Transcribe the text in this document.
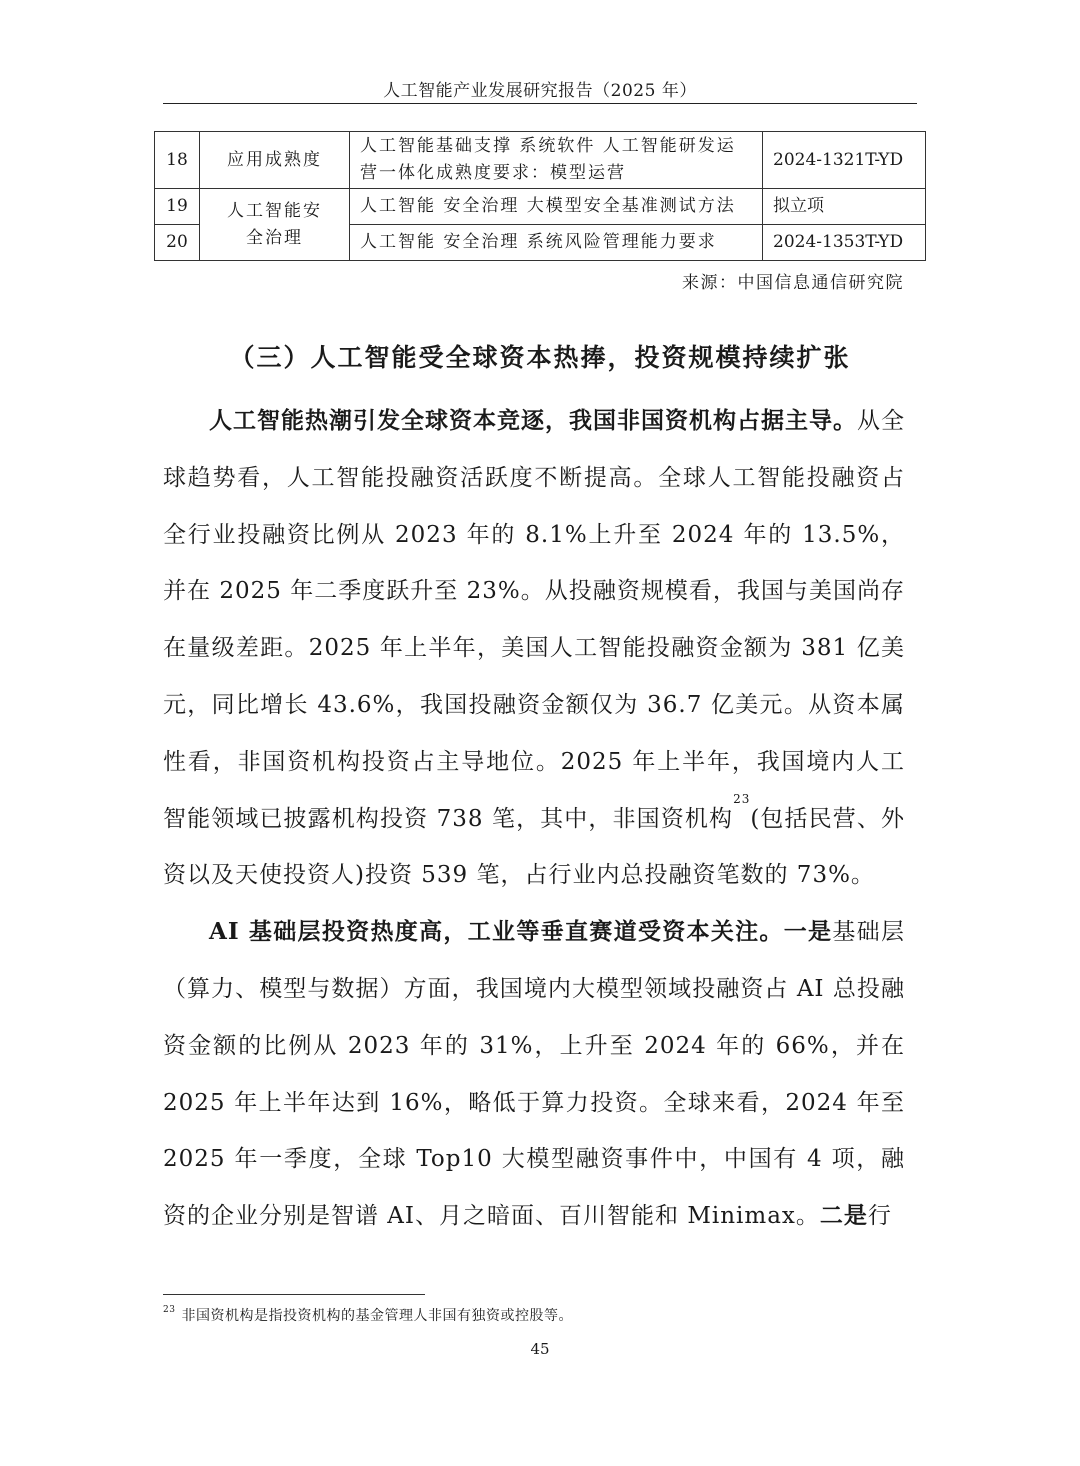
人工智能产业发展研究报告（2025 年）
18	应用成熟度	人工智能基础支撑 系统软件 人工智能研发运营一体化成熟度要求：模型运营	2024-1321T-YD
19	人工智能安全治理	人工智能 安全治理 大模型安全基准测试方法	拟立项
20		人工智能 安全治理 系统风险管理能力要求	2024-1353T-YD
来源：中国信息通信研究院
（三）人工智能受全球资本热捧，投资规模持续扩张

人工智能热潮引发全球资本竞逐，我国非国资机构占据主导。从全球趋势看，人工智能投融资活跃度不断提高。全球人工智能投融资占全行业投融资比例从 2023 年的 8.1%上升至 2024 年的 13.5%，并在 2025 年二季度跃升至 23%。从投融资规模看，我国与美国尚存在量级差距。2025 年上半年，美国人工智能投融资金额为 381 亿美元，同比增长 43.6%，我国投融资金额仅为 36.7 亿美元。从资本属性看，非国资机构投资占主导地位。2025 年上半年，我国境内人工智能领域已披露机构投资 738 笔，其中，非国资机构$^{23}$(包括民营、外资以及天使投资人)投资 539 笔，占行业内总投融资笔数的 73%。

AI 基础层投资热度高，工业等垂直赛道受资本关注。一是基础层（算力、模型与数据）方面，我国境内大模型领域投融资占 AI 总投融资金额的比例从 2023 年的 31%，上升至 2024 年的 66%，并在 2025 年上半年达到 16%，略低于算力投资。全球来看，2024 年至 2025 年一季度，全球 Top10 大模型融资事件中，中国有 4 项，融资的企业分别是智谱 AI、月之暗面、百川智能和 Minimax。二是行

$^{23}$ 非国资机构是指投资机构的基金管理人非国有独资或控股等。
45
